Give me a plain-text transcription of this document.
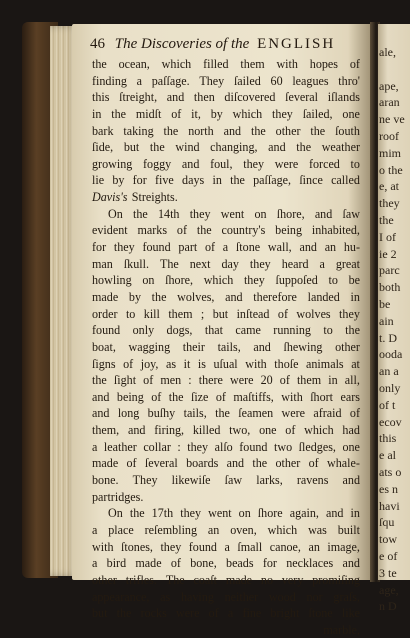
ale,
ape,
aran
ne ve
roof
mim
o the
e, at
they
the
I of
ie 2
parc
both
be
ain
t. D
ooda
an a
only
of t
ecov
this
e al
ats o
es n
havi
ſqu
tow
e of
3 te
age,
n D
46 The Discoveries of the ENGLISH
the ocean, which filled them with hopes of
finding a paſſage. They ſailed 60 leagues thro'
this ſtreight, and then diſcovered ſeveral iſlands
in the midſt of it, by which they ſailed, one
bark taking the north and the other the ſouth
ſide, but the wind changing, and the weather
growing foggy and foul, they were forced to
lie by for five days in the paſſage, ſince called
Davis's Streights.
On the 14th they went on ſhore, and ſaw
evident marks of the country's being inhabited,
for they found part of a ſtone wall, and an hu-
man ſkull. The next day they heard a great
howling on ſhore, which they ſuppoſed to be
made by the wolves, and therefore landed in
order to kill them ; but inſtead of wolves they
found only dogs, that came running to the
boat, wagging their tails, and ſhewing other
ſigns of joy, as it is uſual with thoſe animals at
the ſight of men : there were 20 of them in all,
and being of the ſize of maſtiffs, with ſhort ears
and long buſhy tails, the ſeamen were afraid of
them, and firing, killed two, one of which had
a leather collar : they alſo found two ſledges, one
made of ſeveral boards and the other of whale-
bone. They likewiſe ſaw larks, ravens and
partridges.
On the 17th they went on ſhore again, and in
a place reſembling an oven, which was built
with ſtones, they found a ſmall canoe, an image,
a bird made of bone, beads for necklaces and
other trifles. The coaſt made no very promiſing
appearance, as having neither wood nor graſs,
but the rocks were of a fine bright ſtone like
marble,
